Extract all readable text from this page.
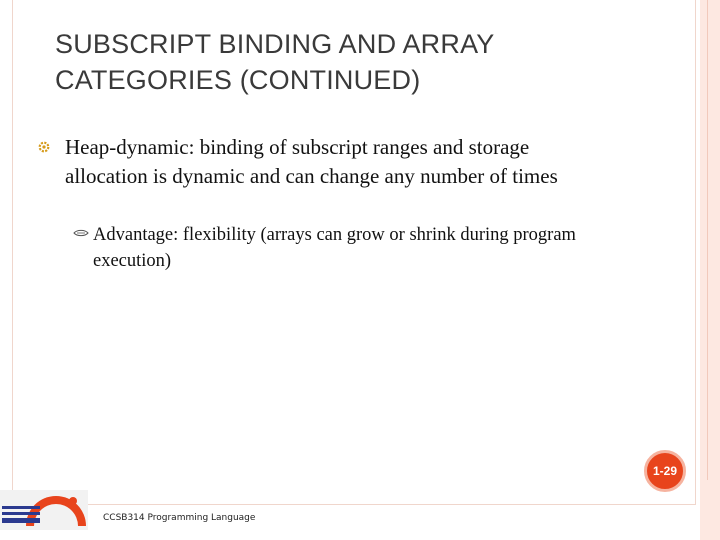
SUBSCRIPT BINDING AND ARRAY
CATEGORIES (CONTINUED)
Heap-dynamic: binding of subscript ranges and storage allocation is dynamic and can change any number of times
Advantage: flexibility (arrays can grow or shrink during program execution)
1-29
CCSB314 Programming Language
